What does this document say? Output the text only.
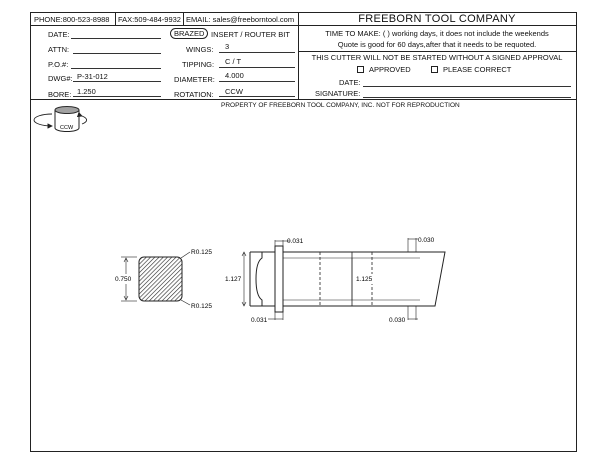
PHONE:800-523-8988 FAX:509-484-9932 EMAIL: sales@freeborntool.com	FREEBORN TOOL COMPANY
DATE:
ATTN:
P.O.#:
DWG#: P-31-012
BORE: 1.250
BRAZED INSERT / ROUTER BIT
WINGS: 3
TIPPING: C / T
DIAMETER: 4.000
ROTATION: CCW
TIME TO MAKE: ( ) working days, it does not include the weekends
Quote is good for 60 days,after that it needs to be requoted.
THIS CUTTER WILL NOT BE STARTED WITHOUT A SIGNED APPROVAL
APPROVED	PLEASE CORRECT
DATE:
SIGNATURE:
PROPERTY OF FREEBORN TOOL COMPANY, INC. NOT FOR REPRODUCTION
CCW
0.750
R0.125
R0.125
1.127	1.125
0.031
0.031
0.030
0.030
